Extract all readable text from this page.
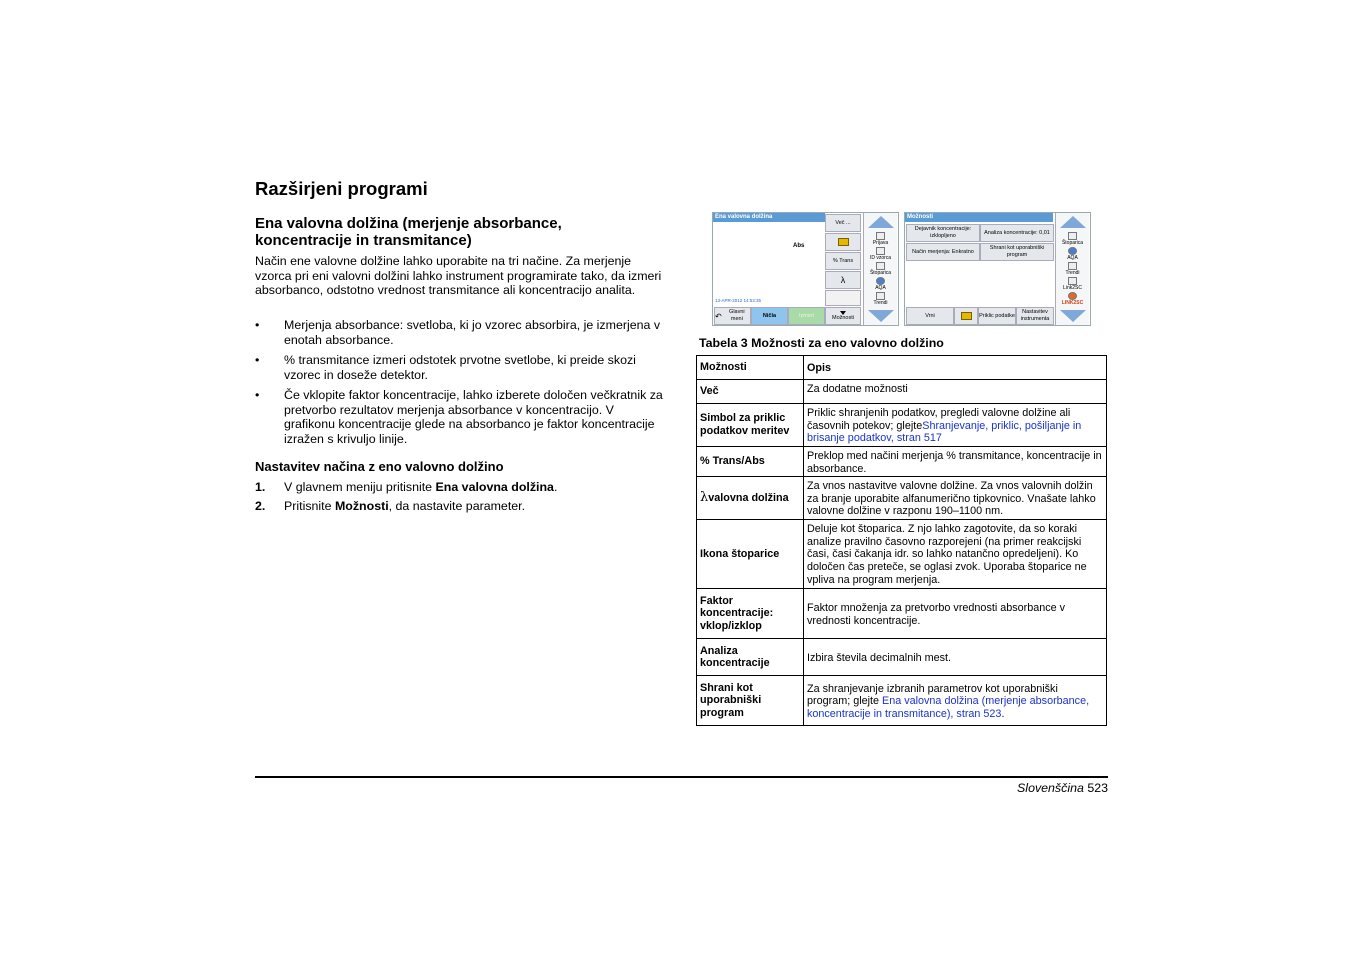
Razširjeni programi
Ena valovna dolžina (merjenje absorbance, koncentracije in transmitance)

Način ene valovne dolžine lahko uporabite na tri načine. Za merjenje vzorca pri eni valovni dolžini lahko instrument programirate tako, da izmeri absorbanco, odstotno vrednost transmitance ali koncentracijo analita.

• Merjenja absorbance: svetloba, ki jo vzorec absorbira, je izmerjena v enotah absorbance.
• % transmitance izmeri odstotek prvotne svetlobe, ki preide skozi vzorec in doseže detektor.
• Če vklopite faktor koncentracije, lahko izberete določen večkratnik za pretvorbo rezultatov merjenja absorbance v koncentracijo. V grafikonu koncentracije glede na absorbanco je faktor koncentracije izražen s krivuljo linije.
Nastavitev načina z eno valovno dolžino
1. V glavnem meniju pritisnite Ena valovna dolžina.
2. Pritisnite Možnosti, da nastavite parameter.
Ena valovna dolžina
Abs
13-APR-2012 14:53:35
Več ...
% Trans
λ
↶	Glavni meni
Ničla	Izmeri	Možnosti
Prijava
ID vzorca
Štoparica
AQA
Trendi
Možnosti
Dejavnik koncentracije: izklopljeno
Analiza koncentracije: 0,01
Način merjenja: Enkratno
Shrani kot uporabniški program
Vrni	Priklic podatke
Nastavitev instrumenta
Štoparica
AQA
Trendi
Link2SC
LINK2SC
Tabela 3 Možnosti za eno valovno dolžino
Možnosti	Opis
Več	Za dodatne možnosti
Simbol za priklic podatkov meritev	Priklic shranjenih podatkov, pregledi valovne dolžine ali časovnih potekov; glejteShranjevanje, priklic, pošiljanje in brisanje podatkov, stran 517
% Trans/Abs	Preklop med načini merjenja % transmitance, koncentracije in absorbance.
λvalovna dolžina	Za vnos nastavitve valovne dolžine. Za vnos valovnih dolžin za branje uporabite alfanumerično tipkovnico. Vnašate lahko valovne dolžine v razponu 190–1100 nm.
Ikona štoparice	Deluje kot štoparica. Z njo lahko zagotovite, da so koraki analize pravilno časovno razporejeni (na primer reakcijski časi, časi čakanja idr. so lahko natančno opredeljeni). Ko določen čas preteče, se oglasi zvok. Uporaba štoparice ne vpliva na program merjenja.
Faktor koncentracije: vklop/izklop	Faktor množenja za pretvorbo vrednosti absorbance v vrednosti koncentracije.
Analiza koncentracije	Izbira števila decimalnih mest.
Shrani kot uporabniški program	Za shranjevanje izbranih parametrov kot uporabniški program; glejte Ena valovna dolžina (merjenje absorbance, koncentracije in transmitance), stran 523.
Slovenščina 523
